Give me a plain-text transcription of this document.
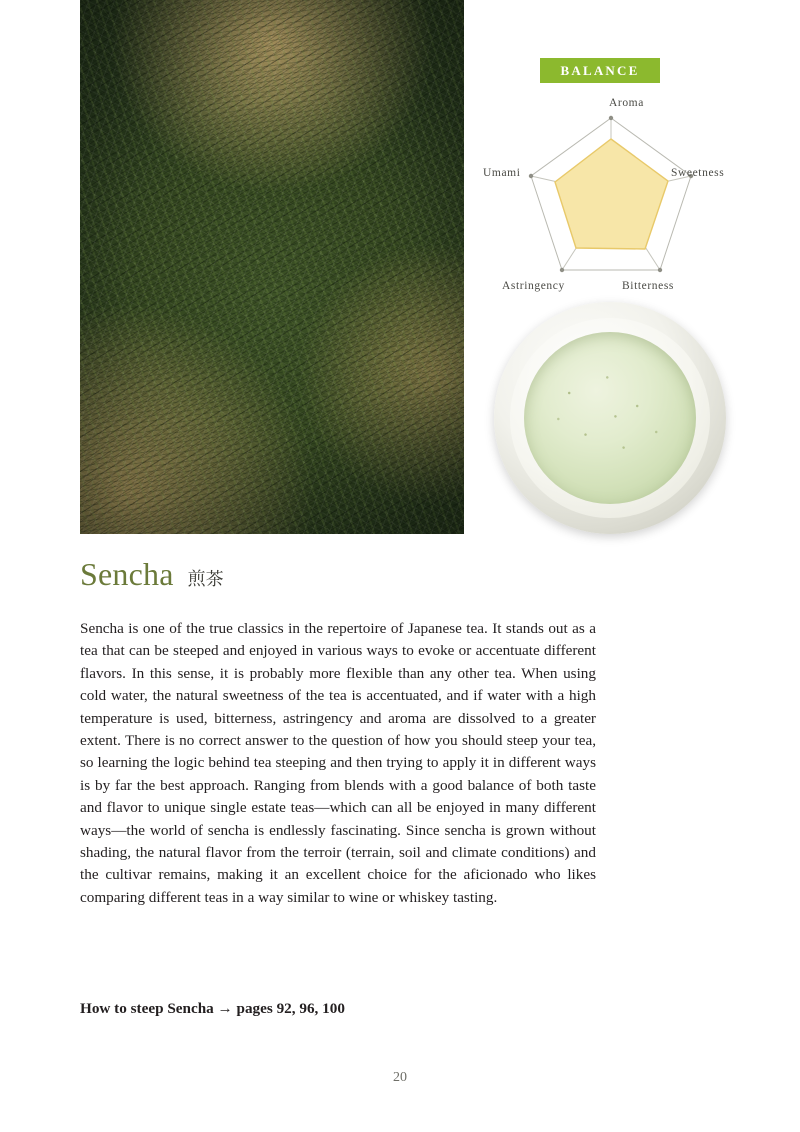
BALANCE
Aroma
Sweetness
Bitterness
Astringency
Umami
Sencha 煎茶
Sencha is one of the true classics in the repertoire of Japanese tea. It stands out as a tea that can be steeped and enjoyed in various ways to evoke or accentuate different flavors. In this sense, it is probably more flexible than any other tea. When using cold water, the natural sweetness of the tea is accentuated, and if water with a high temperature is used, bitterness, astringency and aroma are dissolved to a greater extent. There is no correct answer to the question of how you should steep your tea, so learning the logic behind tea steeping and then trying to apply it in different ways is by far the best approach. Ranging from blends with a good balance of both taste and flavor to unique single estate teas—which can all be enjoyed in many different ways—the world of sencha is endlessly fascinating. Since sencha is grown without shading, the natural flavor from the terroir (terrain, soil and climate conditions) and the cultivar remains, making it an excellent choice for the aficionado who likes comparing different teas in a way similar to wine or whiskey tasting.
How to steep Sencha → pages 92, 96, 100
20
